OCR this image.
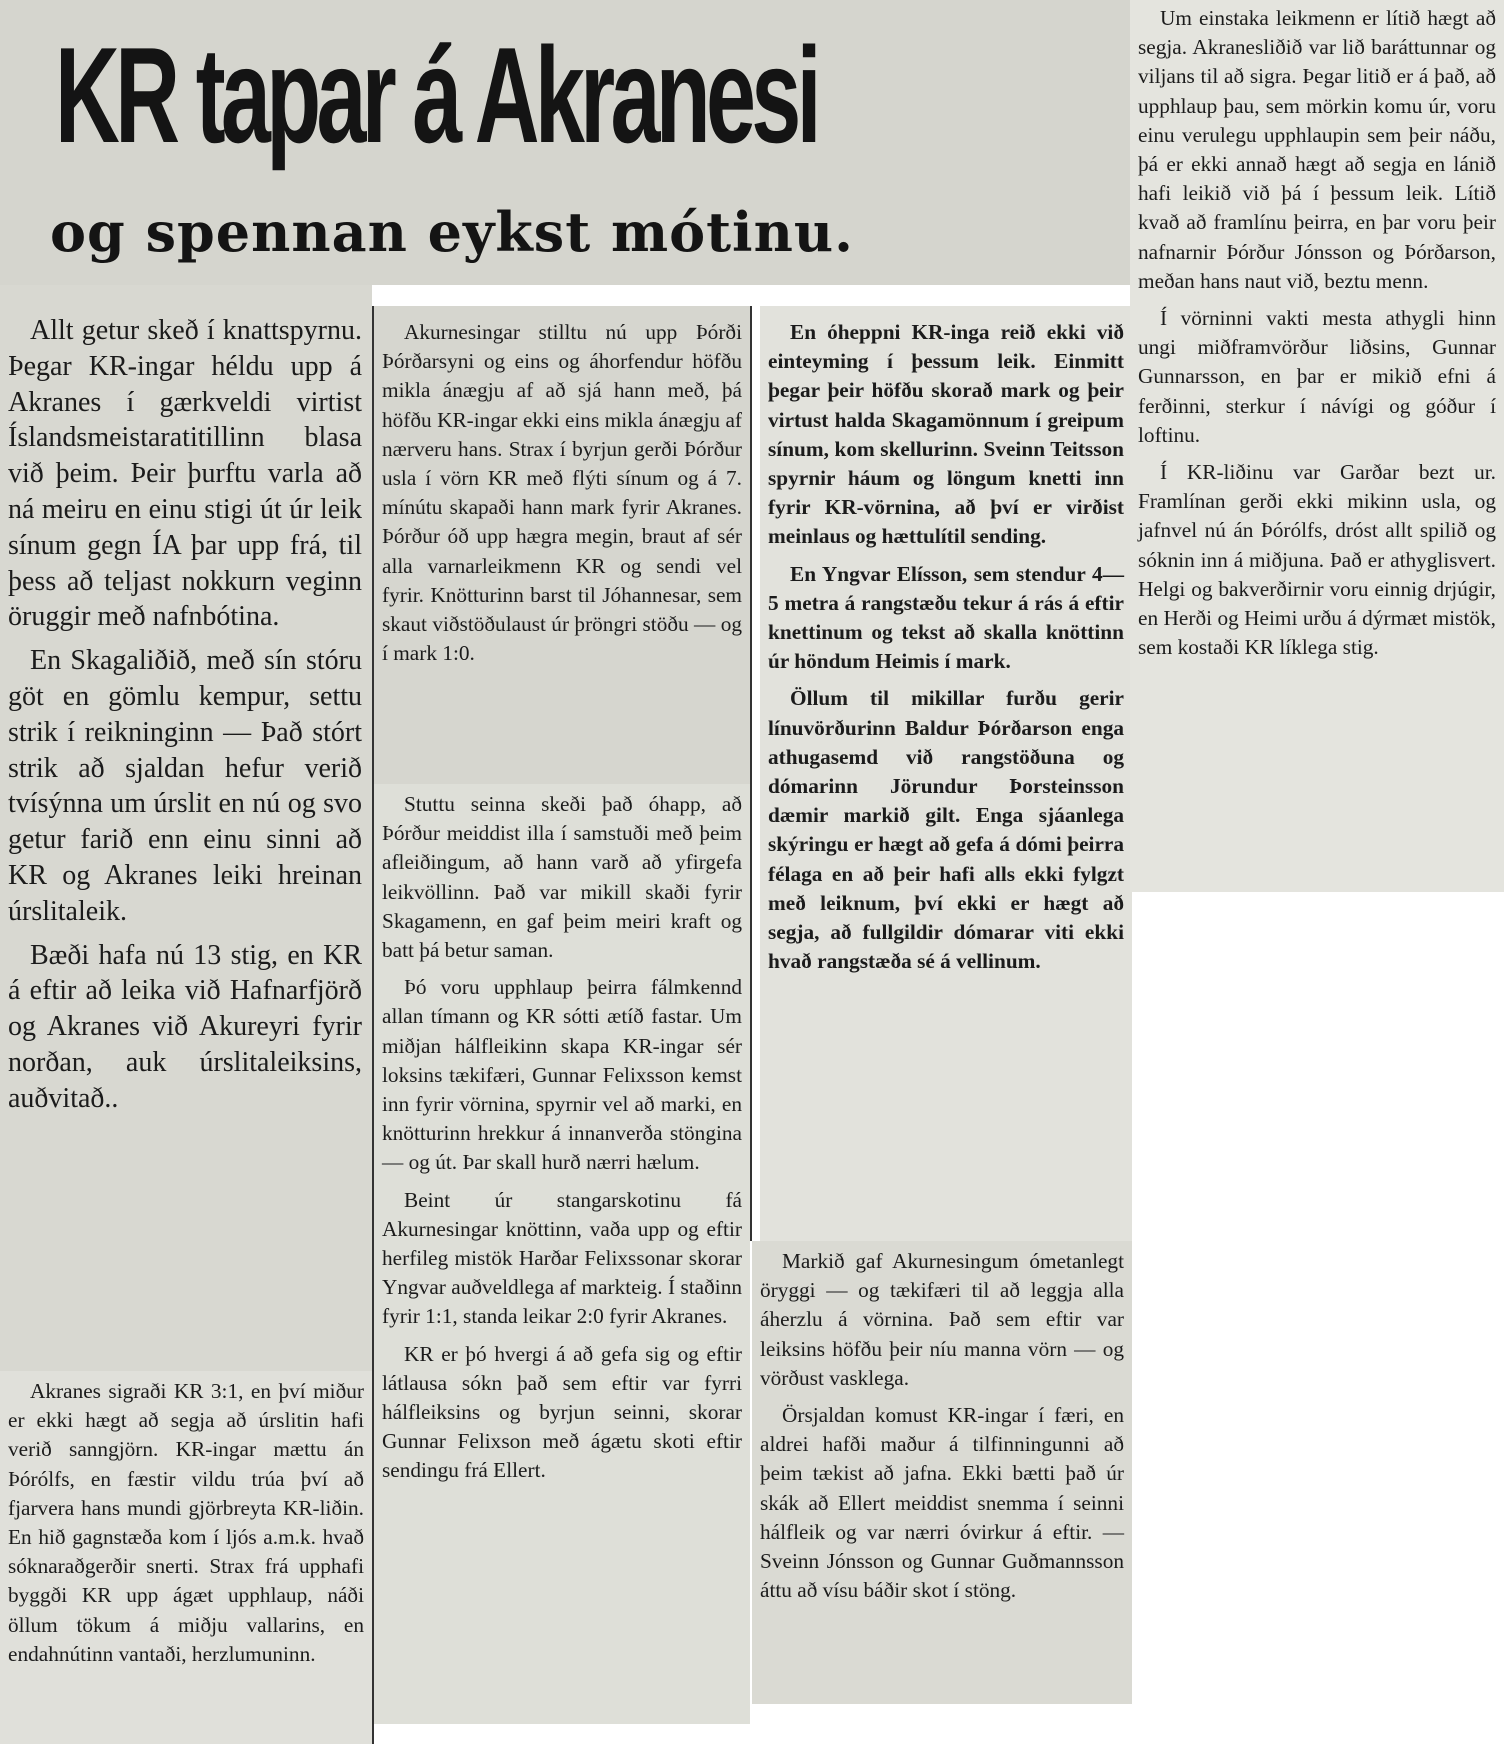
KR tapar á Akranesi
og spennan eykst mótinu.

Allt getur skeð í knattspyrnu. Þegar KR-ingar héldu upp á Akranes í gærkveldi virtist Íslandsmeistaratitillinn blasa við þeim. Þeir þurftu varla að ná meiru en einu stigi út úr leik sínum gegn ÍA þar upp frá, til þess að teljast nokkurn veginn öruggir með nafnbótina.

En Skagaliðið, með sín stóru göt en gömlu kempur, settu strik í reikninginn — Það stórt strik að sjaldan hefur verið tvísýnna um úrslit en nú og svo getur farið enn einu sinni að KR og Akranes leiki hreinan úrslitaleik.

Bæði hafa nú 13 stig, en KR á eftir að leika við Hafnarfjörð og Akranes við Akureyri fyrir norðan, auk úrslitaleiksins, auðvitað..

Akranes sigraði KR 3:1, en því miður er ekki hægt að segja að úrslitin hafi verið sanngjörn. KR-ingar mættu án Þórólfs, en fæstir vildu trúa því að fjarvera hans mundi gjörbreyta KR-liðin. En hið gagnstæða kom í ljós a.m.k. hvað sóknaraðgerðir snerti. Strax frá upphafi byggði KR upp ágæt upphlaup, náði öllum tökum á miðju vallarins, en endahnútinn vantaði, herzlumuninn.

Akurnesingar stilltu nú upp Þórði Þórðarsyni og eins og áhorfendur höfðu mikla ánægju af að sjá hann með, þá höfðu KR-ingar ekki eins mikla ánægju af nærveru hans. Strax í byrjun gerði Þórður usla í vörn KR með flýti sínum og á 7. mínútu skapaði hann mark fyrir Akranes. Þórður óð upp hægra megin, braut af sér alla varnarleikmenn KR og sendi vel fyrir. Knötturinn barst til Jóhannesar, sem skaut viðstöðulaust úr þröngri stöðu — og í mark 1:0.

Stuttu seinna skeði það óhapp, að Þórður meiddist illa í samstuði með þeim afleiðingum, að hann varð að yfirgefa leikvöllinn. Það var mikill skaði fyrir Skagamenn, en gaf þeim meiri kraft og batt þá betur saman.

Þó voru upphlaup þeirra fálmkennd allan tímann og KR sótti ætíð fastar. Um miðjan hálfleikinn skapa KR-ingar sér loksins tækifæri, Gunnar Felixsson kemst inn fyrir vörnina, spyrnir vel að marki, en knötturinn hrekkur á innanverða stöngina — og út. Þar skall hurð nærri hælum.

Beint úr stangarskotinu fá Akurnesingar knöttinn, vaða upp og eftir herfileg mistök Harðar Felixssonar skorar Yngvar auðveldlega af markteig. Í staðinn fyrir 1:1, standa leikar 2:0 fyrir Akranes.

KR er þó hvergi á að gefa sig og eftir látlausa sókn það sem eftir var fyrri hálfleiksins og byrjun seinni, skorar Gunnar Felixson með ágætu skoti eftir sendingu frá Ellert.

En óheppni KR-inga reið ekki við einteyming í þessum leik. Einmitt þegar þeir höfðu skorað mark og þeir virtust halda Skagamönnum í greipum sínum, kom skellurinn. Sveinn Teitsson spyrnir háum og löngum knetti inn fyrir KR-vörnina, að því er virðist meinlaus og hættulítil sending.

En Yngvar Elísson, sem stendur 4—5 metra á rangstæðu tekur á rás á eftir knettinum og tekst að skalla knöttinn úr höndum Heimis í mark.

Öllum til mikillar furðu gerir línuvörðurinn Baldur Þórðarson enga athugasemd við rangstöðuna og dómarinn Jörundur Þorsteinsson dæmir markið gilt. Enga sjáanlega skýringu er hægt að gefa á dómi þeirra félaga en að þeir hafi alls ekki fylgzt með leiknum, því ekki er hægt að segja, að fullgildir dómarar viti ekki hvað rangstæða sé á vellinum.

Markið gaf Akurnesingum ómetanlegt öryggi — og tækifæri til að leggja alla áherzlu á vörnina. Það sem eftir var leiksins höfðu þeir níu manna vörn — og vörðust vasklega.

Örsjaldan komust KR-ingar í færi, en aldrei hafði maður á tilfinningunni að þeim tækist að jafna. Ekki bætti það úr skák að Ellert meiddist snemma í seinni hálfleik og var nærri óvirkur á eftir. — Sveinn Jónsson og Gunnar Guðmannsson áttu að vísu báðir skot í stöng.

Um einstaka leikmenn er lítið hægt að segja. Akranesliðið var lið baráttunnar og viljans til að sigra. Þegar litið er á það, að upphlaup þau, sem mörkin komu úr, voru einu verulegu upphlaupin sem þeir náðu, þá er ekki annað hægt að segja en lánið hafi leikið við þá í þessum leik. Lítið kvað að framlínu þeirra, en þar voru þeir nafnarnir Þórður Jónsson og Þórðarson, meðan hans naut við, beztu menn.

Í vörninni vakti mesta athygli hinn ungi miðframvörður liðsins, Gunnar Gunnarsson, en þar er mikið efni á ferðinni, sterkur í návígi og góður í loftinu.

Í KR-liðinu var Garðar bezt ur. Framlínan gerði ekki mikinn usla, og jafnvel nú án Þórólfs, dróst allt spilið og sóknin inn á miðjuna. Það er athyglisvert. Helgi og bakverðirnir voru einnig drjúgir, en Herði og Heimi urðu á dýrmæt mistök, sem kostaði KR líklega stig.
